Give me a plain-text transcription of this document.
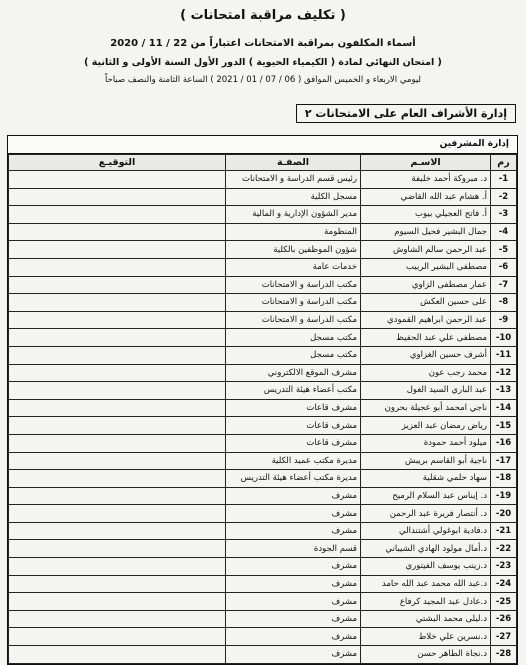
( تكليف مراقبة امتحانات )
أسماء المكلفون بمراقبة الامتحانات اعتباراً من 22 / 11 / 2020
( امتحان النهائي لمادة ( الكيمياء الحيوية ) الدور الأول السنة الأولى و الثانية )
ليومي الاربعاء و الخميس الموافق ( 06 / 07 / 01 / 2021 ) الساعة الثامنة والنصف صباحاً
إدارة الأشراف العام على الامتحانات ٢
إدارة المشرفين
رم	الاسـم	الصفـة	التوقيـع
1-	د. مبروكة أحمد خليفة	رئيس قسم الدراسة و الامتحانات	
2-	أ. هشام عبد الله القاضي	مسجل الكلية	
3-	أ. فاتح العجيلي بيوب	مدير الشؤون الإدارية و المالية	
4-	جمال البشير فحيل السيوم	المنظومة	
5-	عبد الرحمن سالم الشاوش	شؤون الموظفين بالكلية	
6-	مصطفى البشير الربيب	خدمات عامة	
7-	عمار مصطفى الزاوي	مكتب الدراسة و الامتحانات	
8-	على حسين العكش	مكتب الدراسة و الامتحانات	
9-	عبد الرحمن ابراهيم القمودي	مكتب الدراسة و الامتحانات	
10-	مصطفى علي عبد الحفيظ	مكتب مسجل	
11-	أشرف حسين الغزاوي	مكتب مسجل	
12-	محمد رجب عون	مشرف الموقع الالكتروني	
13-	عبد الباري السيد الغول	مكتب أعضاء هيئة التدريس	
14-	ناجي امحمد أبو عجيلة بحرون	مشرف قاعات	
15-	رياض رمضان عبد العزيز	مشرف قاعات	
16-	ميلود أحمد حمودة	مشرف قاعات	
17-	ناجية أبو القاسم بريبش	مديرة مكتب عميد الكلية	
18-	سهاد حلمي شقلية	مديرة مكتب أعضاء هيئة التدريس	
19-	د. إيناس عبد السلام الرميح	مشرف	
20-	د. أنتصار فريرة عبد الرحمن	مشرف	
21-	د.فادية ابوغولي أشتندالي	مشرف	
22-	د.أمال مولود الهادي الشيباني	قسم الجودة	
23-	د.زينب يوسف الفيتوري	مشرف	
24-	د.عبد الله محمد عبد الله حامد	مشرف	
25-	د.عادل عبد المجيد كرفاع	مشرف	
26-	د.ليلى محمد البشتي	مشرف	
27-	د.نسرين علي خلاط	مشرف	
28-	د.نجاة الطاهر حسن	مشرف	
